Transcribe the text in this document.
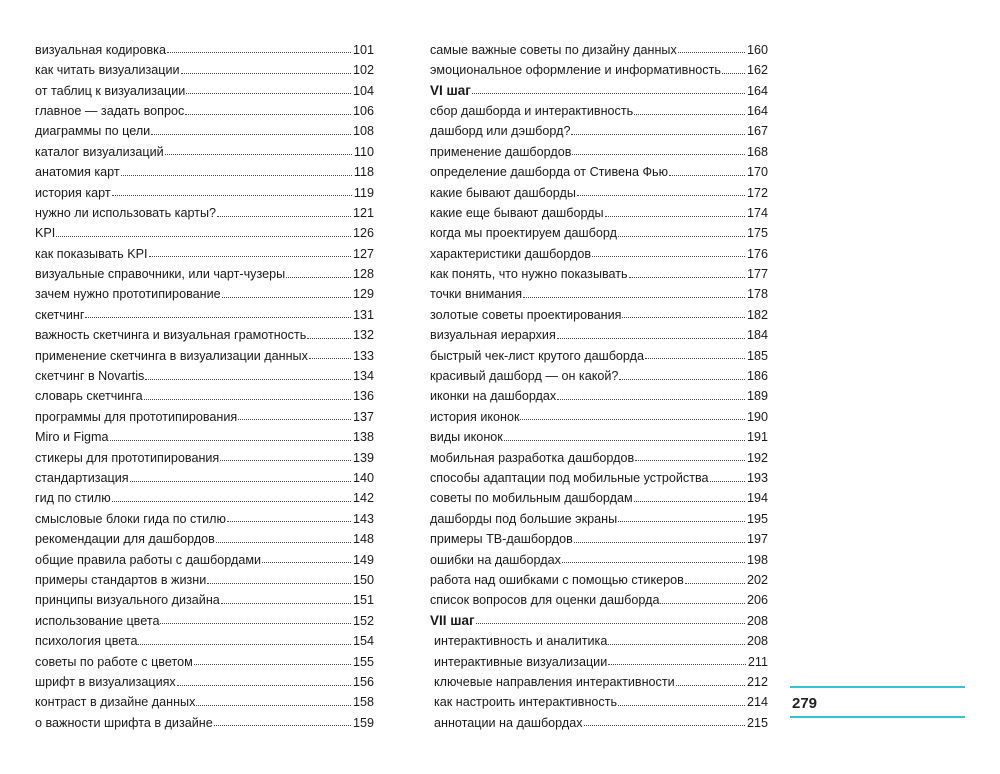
визуальная кодировка	101
как читать визуализации	102
от таблиц к визуализации	104
главное — задать вопрос	106
диаграммы по цели	108
каталог визуализаций	110
анатомия карт	118
история карт	119
нужно ли использовать карты?	121
KPI	126
как показывать KPI	127
визуальные справочники, или чарт-чузеры	128
зачем нужно прототипирование	129
скетчинг	131
важность скетчинга и визуальная грамотность	132
применение скетчинга в визуализации данных	133
скетчинг в Novartis	134
словарь скетчинга	136
программы для прототипирования	137
Miro и Figma	138
стикеры для прототипирования	139
стандартизация	140
гид по стилю	142
смысловые блоки гида по стилю	143
рекомендации для дашбордов	148
общие правила работы с дашбордами	149
примеры стандартов в жизни	150
принципы визуального дизайна	151
использование цвета	152
психология цвета	154
советы по работе с цветом	155
шрифт в визуализациях	156
контраст в дизайне данных	158
о важности шрифта в дизайне	159
самые важные советы по дизайну данных	160
эмоциональное оформление и информативность 162
VI шаг	164
сбор дашборда и интерактивность	164
дашборд или дэшборд?	167
применение дашбордов	168
определение дашборда от Стивена Фью	170
какие бывают дашборды	172
какие еще бывают дашборды	174
когда мы проектируем дашборд	175
характеристики дашбордов	176
как понять, что нужно показывать	177
точки внимания	178
золотые советы проектирования	182
визуальная иерархия	184
быстрый чек-лист крутого дашборда	185
красивый дашборд — он какой?	186
иконки на дашбордах	189
история иконок	190
виды иконок	191
мобильная разработка дашбордов	192
способы адаптации под мобильные устройства	193
советы по мобильным дашбордам	194
дашборды под большие экраны	195
примеры ТВ-дашбордов	197
ошибки на дашбордах	198
работа над ошибками с помощью стикеров	202
список вопросов для оценки дашборда	206
VII шаг	208
интерактивность и аналитика	208
интерактивные визуализации	211
ключевые направления интерактивности	212
как настроить интерактивность	214
аннотации на дашбордах	215
279
